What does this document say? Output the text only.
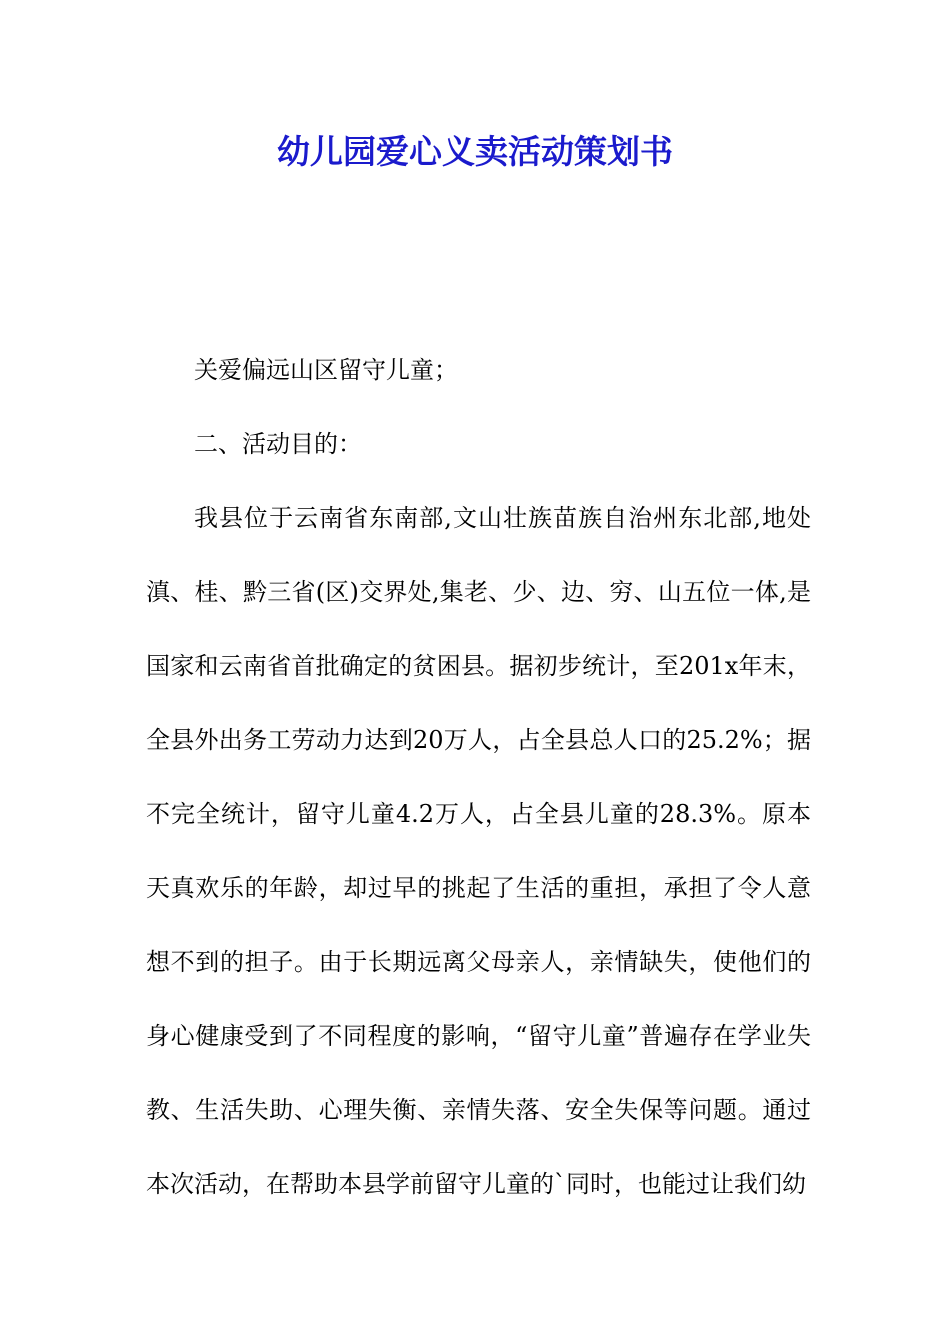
幼儿园爱心义卖活动策划书

关爱偏远山区留守儿童；

二、活动目的：

我县位于云南省东南部,文山壮族苗族自治州东北部,地处滇、桂、黔三省(区)交界处,集老、少、边、穷、山五位一体,是国家和云南省首批确定的贫困县。据初步统计，至201x年末，全县外出务工劳动力达到20万人，占全县总人口的25.2%；据不完全统计，留守儿童4.2万人，占全县儿童的28.3%。原本天真欢乐的年龄，却过早的挑起了生活的重担，承担了令人意想不到的担子。由于长期远离父母亲人，亲情缺失，使他们的身心健康受到了不同程度的影响，“留守儿童”普遍存在学业失教、生活失助、心理失衡、亲情失落、安全失保等问题。通过本次活动，在帮助本县学前留守儿童的`同时，也能过让我们幼
